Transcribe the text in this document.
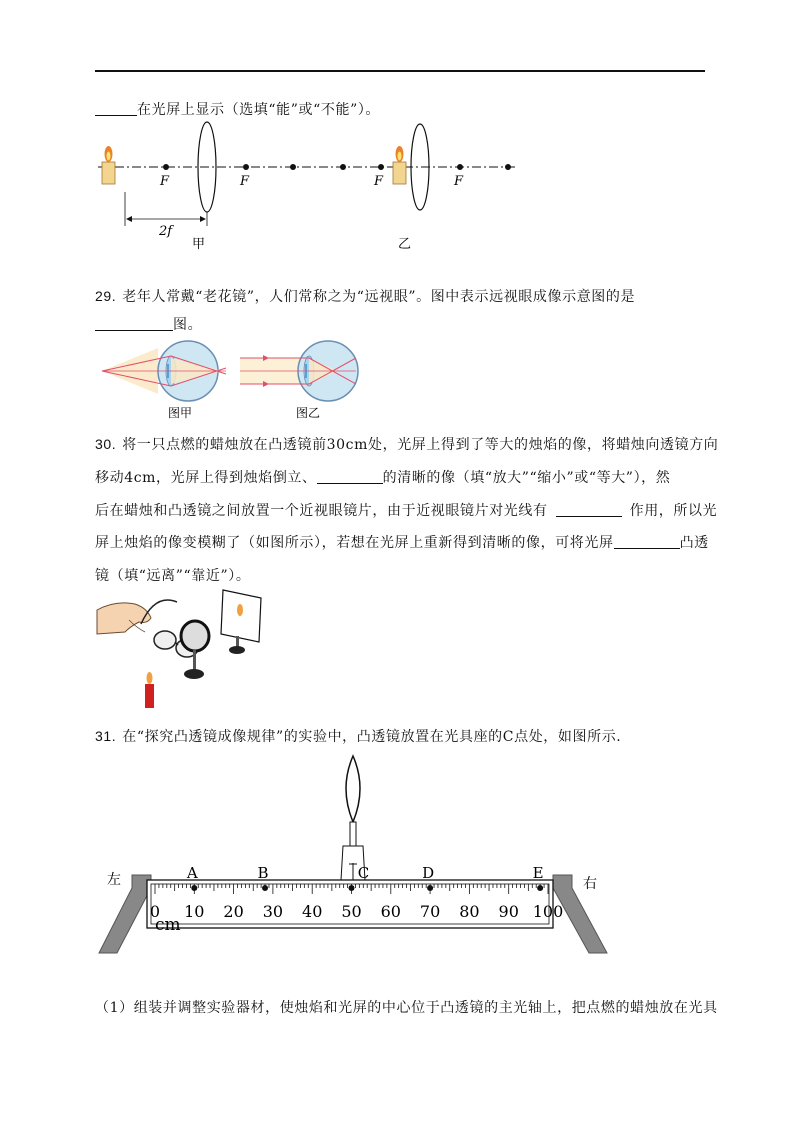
在光屏上显示（选填“能”或“不能”）。
F	F	F	F
2f
甲	乙
29. 老年人常戴“老花镜”，人们常称之为“远视眼”。图中表示远视眼成像示意图的是
图。
图甲	图乙
30. 将一只点燃的蜡烛放在凸透镜前30cm处，光屏上得到了等大的烛焰的像，将蜡烛向透镜方向
移动4cm，光屏上得到烛焰倒立、	的清晰的像（填“放大”“缩小”或“等大”），然
后在蜡烛和凸透镜之间放置一个近视眼镜片，由于近视眼镜片对光线有	作用，所以光
屏上烛焰的像变模糊了（如图所示），若想在光屏上重新得到清晰的像，可将光屏	凸透
镜（填“远离”“靠近”）。
31. 在“探究凸透镜成像规律”的实验中，凸透镜放置在光具座的C点处，如图所示.
左	右
cm
0 10 20 30 40 50 60 70 80 90 100
A	B	C	D	E
（1）组装并调整实验器材，使烛焰和光屏的中心位于凸透镜的主光轴上，把点燃的蜡烛放在光具
